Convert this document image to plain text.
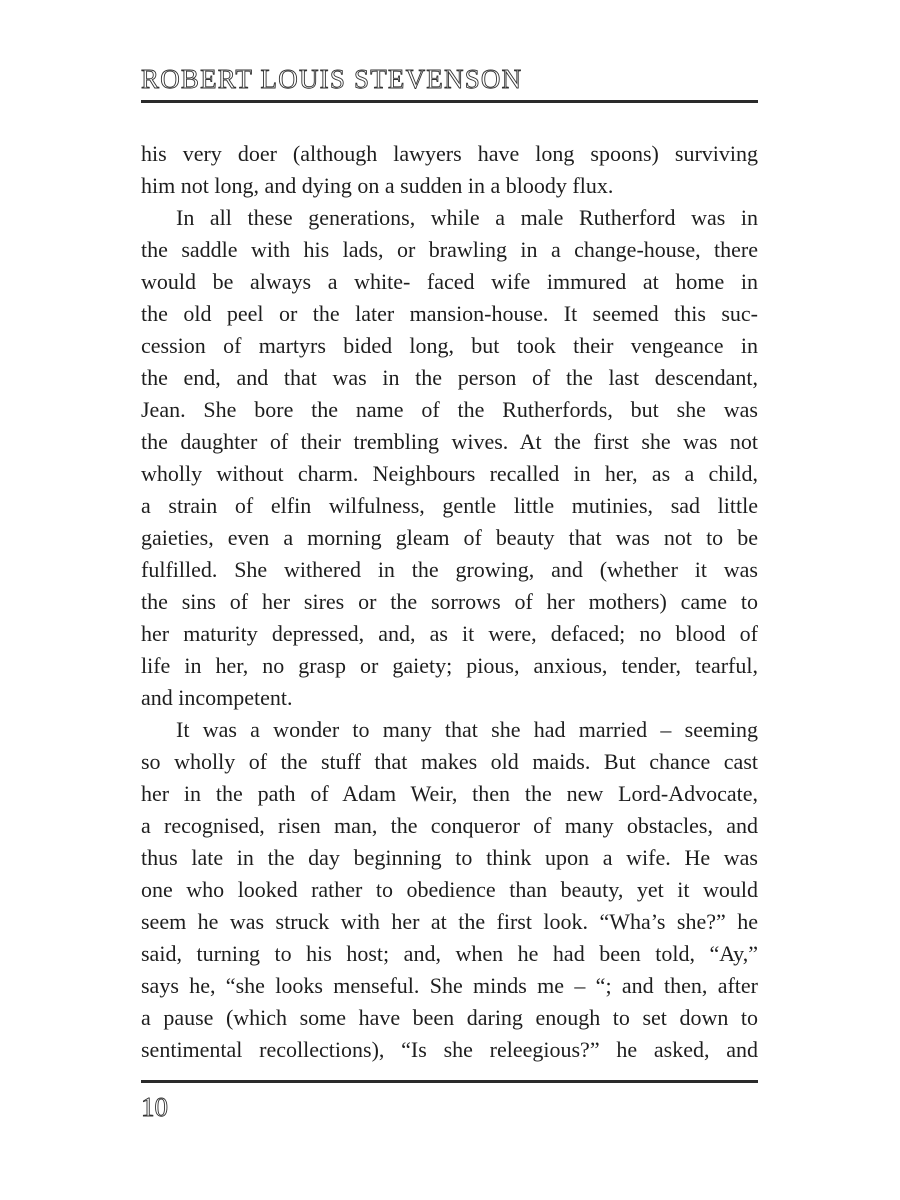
ROBERT LOUIS STEVENSON
his very doer (although lawyers have long spoons) surviving
him not long, and dying on a sudden in a bloody flux.
In all these generations, while a male Rutherford was in
the saddle with his lads, or brawling in a change-house, there
would be always a white- faced wife immured at home in
the old peel or the later mansion-house. It seemed this suc-
cession of martyrs bided long, but took their vengeance in
the end, and that was in the person of the last descendant,
Jean. She bore the name of the Rutherfords, but she was
the daughter of their trembling wives. At the first she was not
wholly without charm. Neighbours recalled in her, as a child,
a strain of elfin wilfulness, gentle little mutinies, sad little
gaieties, even a morning gleam of beauty that was not to be
fulfilled. She withered in the growing, and (whether it was
the sins of her sires or the sorrows of her mothers) came to
her maturity depressed, and, as it were, defaced; no blood of
life in her, no grasp or gaiety; pious, anxious, tender, tearful,
and incompetent.
It was a wonder to many that she had married – seeming
so wholly of the stuff that makes old maids. But chance cast
her in the path of Adam Weir, then the new Lord-Advocate,
a recognised, risen man, the conqueror of many obstacles, and
thus late in the day beginning to think upon a wife. He was
one who looked rather to obedience than beauty, yet it would
seem he was struck with her at the first look. “Wha’s she?” he
said, turning to his host; and, when he had been told, “Ay,”
says he, “she looks menseful. She minds me – “; and then, after
a pause (which some have been daring enough to set down to
sentimental recollections), “Is she releegious?” he asked, and
10
